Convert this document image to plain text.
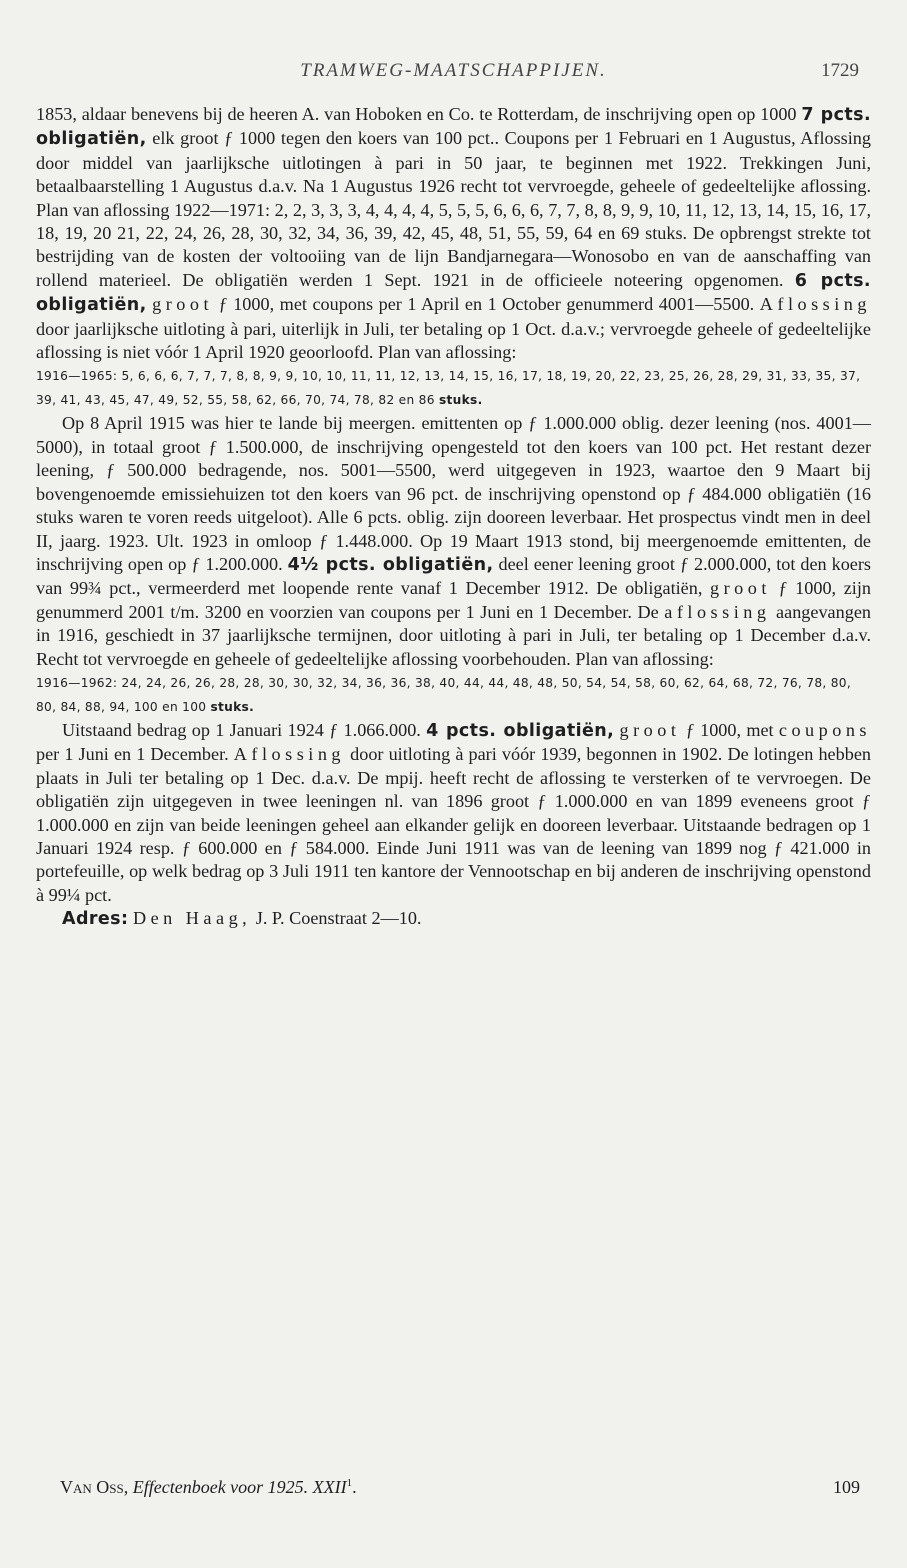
TRAMWEG-MAATSCHAPPIJEN.	1729

1853, aldaar benevens bij de heeren A. van Hoboken en Co. te Rotterdam, de inschrijving open op 1000 7 pcts. obligatiën, elk groot ƒ 1000 tegen den koers van 100 pct.. Coupons per 1 Februari en 1 Augustus, Aflossing door middel van jaarlijksche uitlotingen à pari in 50 jaar, te beginnen met 1922. Trekkingen Juni, betaalbaarstelling 1 Augustus d.a.v. Na 1 Augustus 1926 recht tot vervroegde, geheele of gedeeltelijke aflossing. Plan van aflossing 1922—1971: 2, 2, 3, 3, 3, 4, 4, 4, 4, 5, 5, 5, 6, 6, 6, 7, 7, 8, 8, 9, 9, 10, 11, 12, 13, 14, 15, 16, 17, 18, 19, 20 21, 22, 24, 26, 28, 30, 32, 34, 36, 39, 42, 45, 48, 51, 55, 59, 64 en 69 stuks. De opbrengst strekte tot bestrijding van de kosten der voltooiing van de lijn Bandjarnegara—Wonosobo en van de aanschaffing van rollend materieel. De obligatiën werden 1 Sept. 1921 in de officieele noteering opgenomen. 6 pcts. obligatiën, groot ƒ 1000, met coupons per 1 April en 1 October genummerd 4001—5500. Aflossing door jaarlijksche uitloting à pari, uiterlijk in Juli, ter betaling op 1 Oct. d.a.v.; vervroegde geheele of gedeeltelijke aflossing is niet vóór 1 April 1920 geoorloofd. Plan van aflossing:

1916—1965: 5, 6, 6, 6, 7, 7, 7, 8, 8, 9, 9, 10, 10, 11, 11, 12, 13, 14, 15, 16, 17, 18, 19, 20, 22, 23, 25, 26, 28, 29, 31, 33, 35, 37, 39, 41, 43, 45, 47, 49, 52, 55, 58, 62, 66, 70, 74, 78, 82 en 86 stuks.

Op 8 April 1915 was hier te lande bij meergen. emittenten op ƒ 1.000.000 oblig. dezer leening (nos. 4001—5000), in totaal groot ƒ 1.500.000, de inschrijving opengesteld tot den koers van 100 pct. Het restant dezer leening, ƒ 500.000 bedragende, nos. 5001—5500, werd uitgegeven in 1923, waartoe den 9 Maart bij bovengenoemde emissiehuizen tot den koers van 96 pct. de inschrijving openstond op ƒ 484.000 obligatiën (16 stuks waren te voren reeds uitgeloot). Alle 6 pcts. oblig. zijn dooreen leverbaar. Het prospectus vindt men in deel II, jaarg. 1923. Ult. 1923 in omloop ƒ 1.448.000. Op 19 Maart 1913 stond, bij meergenoemde emittenten, de inschrijving open op ƒ 1.200.000. 4½ pcts. obligatiën, deel eener leening groot ƒ 2.000.000, tot den koers van 99¾ pct., vermeerderd met loopende rente vanaf 1 December 1912. De obligatiën, groot ƒ 1000, zijn genummerd 2001 t/m. 3200 en voorzien van coupons per 1 Juni en 1 December. De aflossing aangevangen in 1916, geschiedt in 37 jaarlijksche termijnen, door uitloting à pari in Juli, ter betaling op 1 December d.a.v. Recht tot vervroegde en geheele of gedeeltelijke aflossing voorbehouden. Plan van aflossing:

1916—1962: 24, 24, 26, 26, 28, 28, 30, 30, 32, 34, 36, 36, 38, 40, 44, 44, 48, 48, 50, 54, 54, 58, 60, 62, 64, 68, 72, 76, 78, 80, 80, 84, 88, 94, 100 en 100 stuks.

Uitstaand bedrag op 1 Januari 1924 ƒ 1.066.000. 4 pcts. obligatiën, groot ƒ 1000, met coupons per 1 Juni en 1 December. Aflossing door uitloting à pari vóór 1939, begonnen in 1902. De lotingen hebben plaats in Juli ter betaling op 1 Dec. d.a.v. De mpij. heeft recht de aflossing te versterken of te vervroegen. De obligatiën zijn uitgegeven in twee leeningen nl. van 1896 groot ƒ 1.000.000 en van 1899 eveneens groot ƒ 1.000.000 en zijn van beide leeningen geheel aan elkander gelijk en dooreen leverbaar. Uitstaande bedragen op 1 Januari 1924 resp. ƒ 600.000 en ƒ 584.000. Einde Juni 1911 was van de leening van 1899 nog ƒ 421.000 in portefeuille, op welk bedrag op 3 Juli 1911 ten kantore der Vennootschap en bij anderen de inschrijving openstond à 99¼ pct.

Adres: Den Haag, J. P. Coenstraat 2—10.

Van Oss, Effectenboek voor 1925. XXII$^1$.	109
